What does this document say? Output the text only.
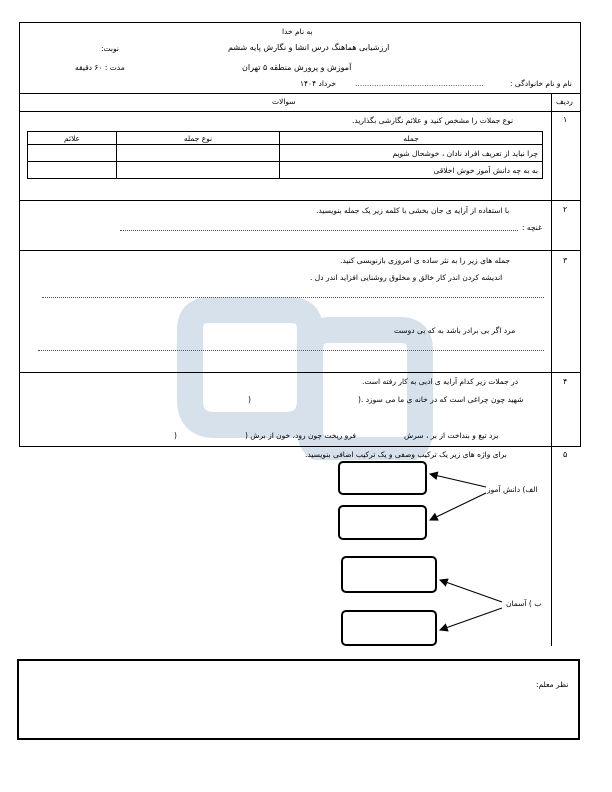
به نام خدا
ارزشیابی هماهنگ درس انشا و نگارش پایه ششم
نوبت:
آموزش و پرورش منطقه ۵ تهران
مدت : ۶۰ دقیقه
خرداد ۱۴۰۴	نام و نام خانوادگی :
......................................................
ردیف
سوالات
۱
نوع جملات را مشخص کنید و علائم نگارشی بگذارید.
علائم	نوع جمله	جمله
		چرا نباید از تعریف افراد نادان ، خوشحال شویم
		به به چه دانش آموز خوش اخلاقی
۲
با استفاده از آرایه ی جان بخشی با کلمه زیر یک جمله بنویسید.
غنچه :
۳
جمله های زیر را به نثر ساده ی امروزی بازنویسی کنید.
اندیشه کردن اندر کار خالق و مخلوق روشنایی افزاید اندر دل .
مرد اگر بی برادر باشد به که بی دوست
۴
در جملات زیر کدام آرایه ی ادبی به کار رفته است.
شهید چون چراغی است که در خانه ی ما می سوزد .(
)
بزد تیغ و بنداخت از بر ، سرش
فرو ریخت چون رود، خون از برش (
)
۵
برای واژه های زیر یک ترکیب وصفی و یک ترکیب اضافی بنویسید.
الف) دانش آموز
ب ) آسمان
نظر معلم:
